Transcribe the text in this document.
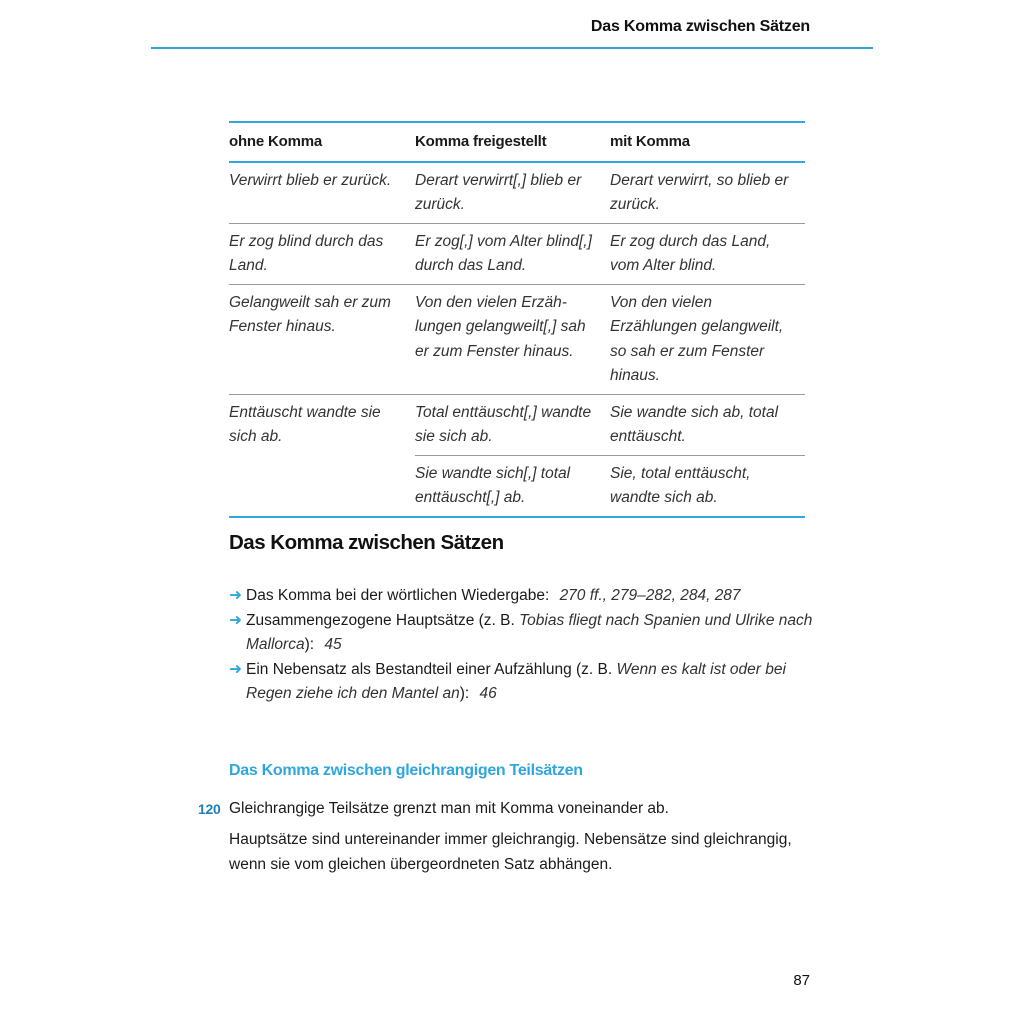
Das Komma zwischen Sätzen
ohne Komma	Komma freigestellt	mit Komma
Verwirrt blieb er zurück.	Derart verwirrt[,] blieb er zurück.	Derart verwirrt, so blieb er zurück.
Er zog blind durch das Land.	Er zog[,] vom Alter blind[,] durch das Land.	Er zog durch das Land, vom Alter blind.
Gelangweilt sah er zum Fenster hinaus.	Von den vielen Erzäh-lungen gelangweilt[,] sah er zum Fenster hinaus.	Von den vielen Erzählungen gelangweilt, so sah er zum Fenster hinaus.
Enttäuscht wandte sie sich ab.	Total enttäuscht[,] wandte sie sich ab.	Sie wandte sich ab, total enttäuscht.
	Sie wandte sich[,] total enttäuscht[,] ab.	Sie, total enttäuscht, wandte sich ab.
Das Komma zwischen Sätzen
➜ Das Komma bei der wörtlichen Wiedergabe: 270 ff., 279–282, 284, 287
➜ Zusammengezogene Hauptsätze (z. B. Tobias fliegt nach Spanien und Ulrike nach Mallorca): 45
➜ Ein Nebensatz als Bestandteil einer Aufzählung (z. B. Wenn es kalt ist oder bei Regen ziehe ich den Mantel an): 46
Das Komma zwischen gleichrangigen Teilsätzen
120 Gleichrangige Teilsätze grenzt man mit Komma voneinander ab.

Hauptsätze sind untereinander immer gleichrangig. Nebensätze sind gleichrangig, wenn sie vom gleichen übergeordneten Satz abhängen.

87
